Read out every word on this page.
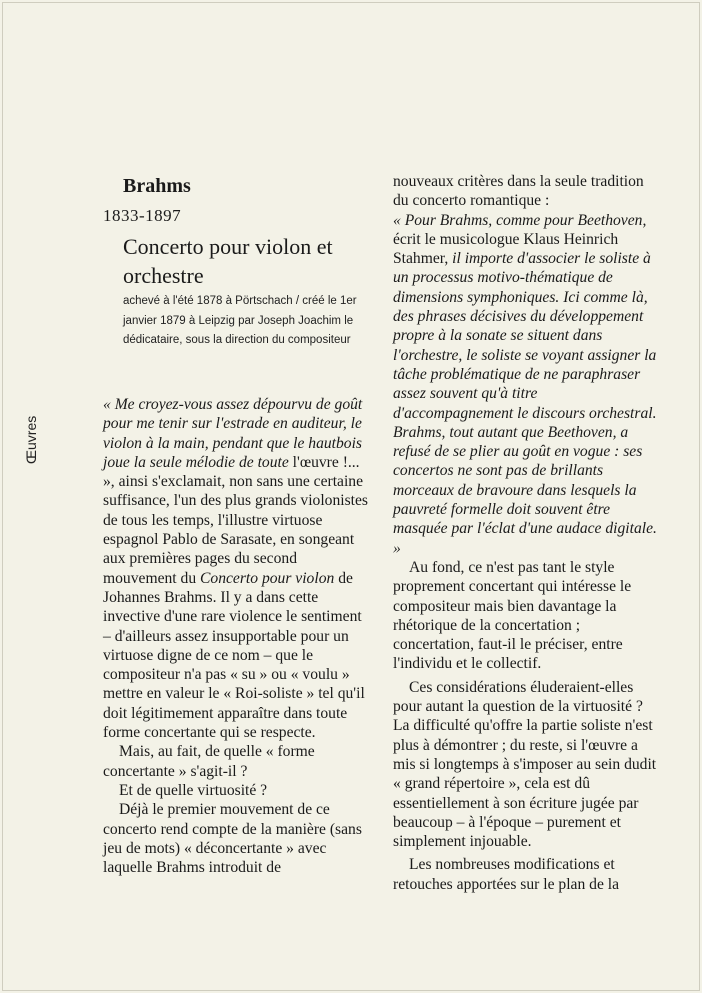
Œuvres
Brahms
1833-1897
Concerto pour violon et orchestre

achevé à l'été 1878 à Pörtschach / créé le 1er janvier 1879 à Leipzig par Joseph Joachim le dédicataire, sous la direction du compositeur

« Me croyez-vous assez dépourvu de goût pour me tenir sur l'estrade en auditeur, le violon à la main, pendant que le hautbois joue la seule mélodie de toute l'œuvre !... », ainsi s'exclamait, non sans une certaine suffisance, l'un des plus grands violonistes de tous les temps, l'illustre virtuose espagnol Pablo de Sarasate, en songeant aux premières pages du second mouvement du Concerto pour violon de Johannes Brahms. Il y a dans cette invective d'une rare violence le sentiment – d'ailleurs assez insupportable pour un virtuose digne de ce nom – que le compositeur n'a pas « su » ou « voulu » mettre en valeur le « Roi-soliste » tel qu'il doit légitimement apparaître dans toute forme concertante qui se respecte.

Mais, au fait, de quelle « forme concertante » s'agit-il ?

Et de quelle virtuosité ?

Déjà le premier mouvement de ce concerto rend compte de la manière (sans jeu de mots) « déconcertante » avec laquelle Brahms introduit de

nouveaux critères dans la seule tradition du concerto romantique :
« Pour Brahms, comme pour Beethoven, écrit le musicologue Klaus Heinrich Stahmer, il importe d'associer le soliste à un processus motivo-thématique de dimensions symphoniques. Ici comme là, des phrases décisives du développement propre à la sonate se situent dans l'orchestre, le soliste se voyant assigner la tâche problématique de ne paraphraser assez souvent qu'à titre d'accompagnement le discours orchestral. Brahms, tout autant que Beethoven, a refusé de se plier au goût en vogue : ses concertos ne sont pas de brillants morceaux de bravoure dans lesquels la pauvreté formelle doit souvent être masquée par l'éclat d'une audace digitale. »

Au fond, ce n'est pas tant le style proprement concertant qui intéresse le compositeur mais bien davantage la rhétorique de la concertation ; concertation, faut-il le préciser, entre l'individu et le collectif.

Ces considérations éluderaient-elles pour autant la question de la virtuosité ? La difficulté qu'offre la partie soliste n'est plus à démontrer ; du reste, si l'œuvre a mis si longtemps à s'imposer au sein dudit « grand répertoire », cela est dû essentiellement à son écriture jugée par beaucoup – à l'époque – purement et simplement injouable.

Les nombreuses modifications et retouches apportées sur le plan de la
